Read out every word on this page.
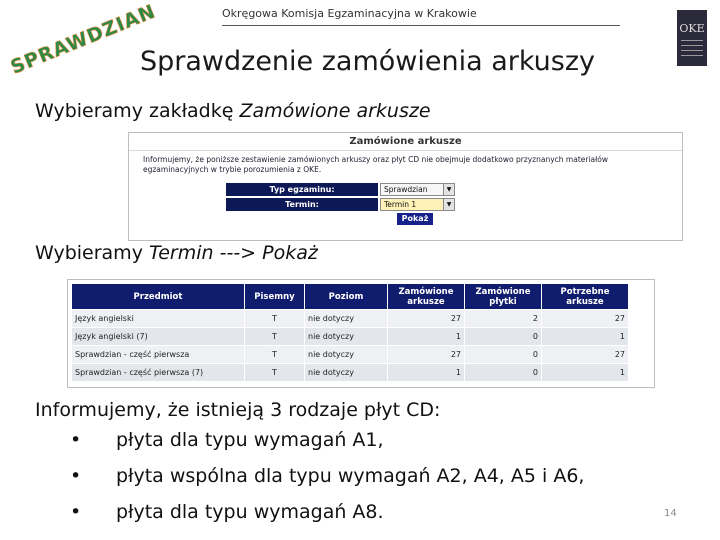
SPRAWDZIAN	Okręgowa Komisja Egzaminacyjna w Krakowie
OKE
Sprawdzenie zamówienia arkuszy
Wybieramy zakładkę Zamówione arkusze
Zamówione arkusze
Informujemy, że poniższe zestawienie zamówionych arkuszy oraz płyt CD nie obejmuje dodatkowo przyznanych materiałów egzaminacyjnych w trybie porozumienia z OKE.
Typ egzaminu:	Sprawdzian	▼
Termin:	Termin 1	▼
Pokaż
Wybieramy Termin ---> Pokaż
Przedmiot	Pisemny	Poziom	Zamówione arkusze	Zamówione płytki	Potrzebne arkusze
Język angielski	T	nie dotyczy	27	2	27
Język angielski (7)	T	nie dotyczy	1	0	1
Sprawdzian - część pierwsza	T	nie dotyczy	27	0	27
Sprawdzian - część pierwsza (7)	T	nie dotyczy	1	0	1
Informujemy, że istnieją 3 rodzaje płyt CD:
•	płyta dla typu wymagań A1,
•	płyta wspólna dla typu wymagań A2, A4, A5 i A6,
•	płyta dla typu wymagań A8.	14
